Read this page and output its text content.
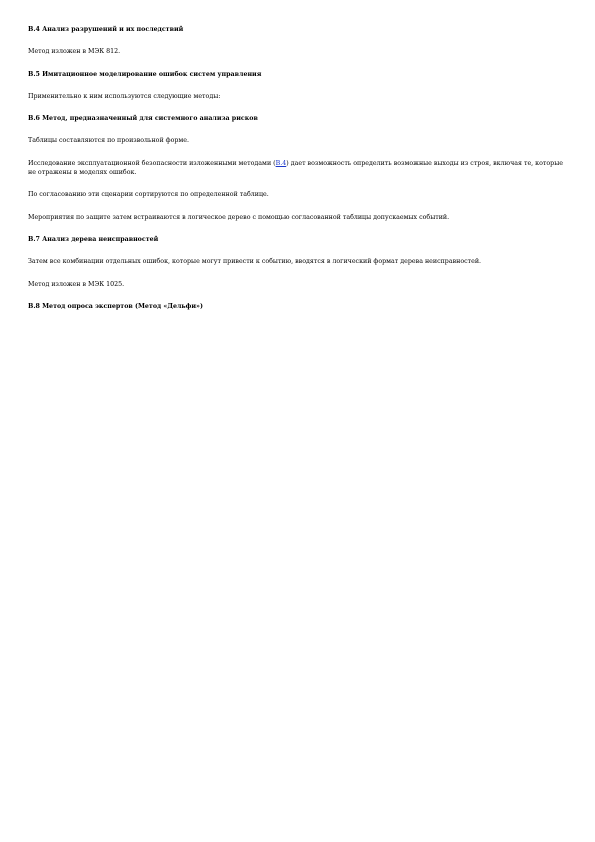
В.4 Анализ разрушений и их последствий

Метод изложен в МЭК 812.

В.5 Имитационное моделирование ошибок систем управления

Применительно к ним используются следующие методы:

В.6 Метод, предназначенный для системного анализа рисков

Таблицы составляются по произвольной форме.

Исследование эксплуатационной безопасности изложенными методами (В.4) дает возможность определить возможные выходы из строя, включая те, которые не отражены в моделях ошибок.

По согласованию эти сценарии сортируются по определенной таблице.

Мероприятия по защите затем встраиваются в логическое дерево с помощью согласованной таблицы допускаемых событий.

В.7 Анализ дерева неисправностей

Затем все комбинации отдельных ошибок, которые могут привести к событию, вводятся в логический формат дерева неисправностей.

Метод изложен в МЭК 1025.

В.8 Метод опроса экспертов (Метод «Дельфи»)
